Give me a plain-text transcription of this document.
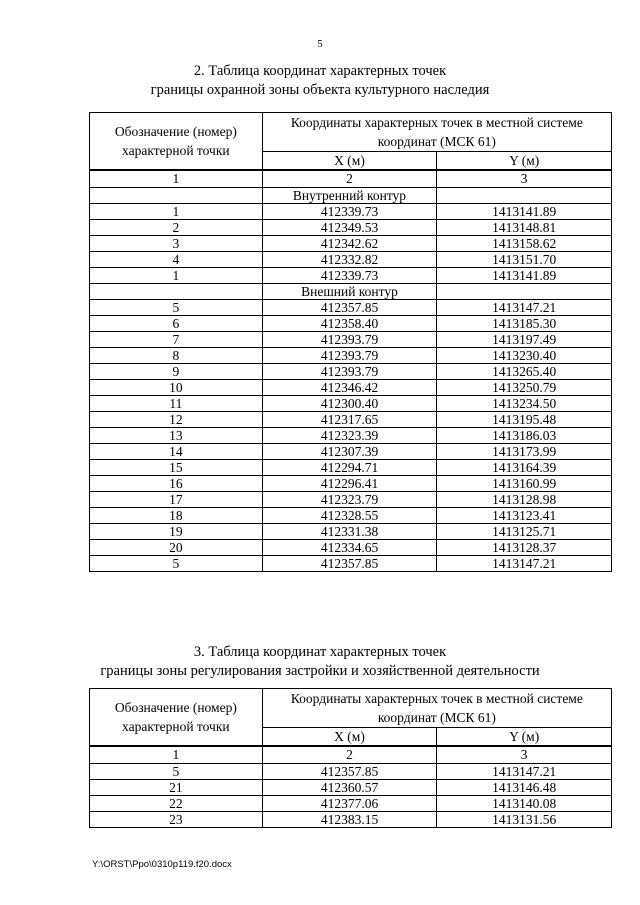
5
2. Таблица координат характерных точек
границы охранной зоны объекта культурного наследия
Обозначение (номер) характерной точки	Координаты характерных точек в местной системе координат (МСК 61)	
	X (м)	Y (м)
1	2	3
	Внутренний контур	
1	412339.73	1413141.89
2	412349.53	1413148.81
3	412342.62	1413158.62
4	412332.82	1413151.70
1	412339.73	1413141.89
	Внешний контур	
5	412357.85	1413147.21
6	412358.40	1413185.30
7	412393.79	1413197.49
8	412393.79	1413230.40
9	412393.79	1413265.40
10	412346.42	1413250.79
11	412300.40	1413234.50
12	412317.65	1413195.48
13	412323.39	1413186.03
14	412307.39	1413173.99
15	412294.71	1413164.39
16	412296.41	1413160.99
17	412323.79	1413128.98
18	412328.55	1413123.41
19	412331.38	1413125.71
20	412334.65	1413128.37
5	412357.85	1413147.21
3. Таблица координат характерных точек
границы зоны регулирования застройки и хозяйственной деятельности
Обозначение (номер) характерной точки	Координаты характерных точек в местной системе координат (МСК 61)	
	X (м)	Y (м)
1	2	3
5	412357.85	1413147.21
21	412360.57	1413146.48
22	412377.06	1413140.08
23	412383.15	1413131.56
Y:\ORST\Ppo\0310p119.f20.docx
